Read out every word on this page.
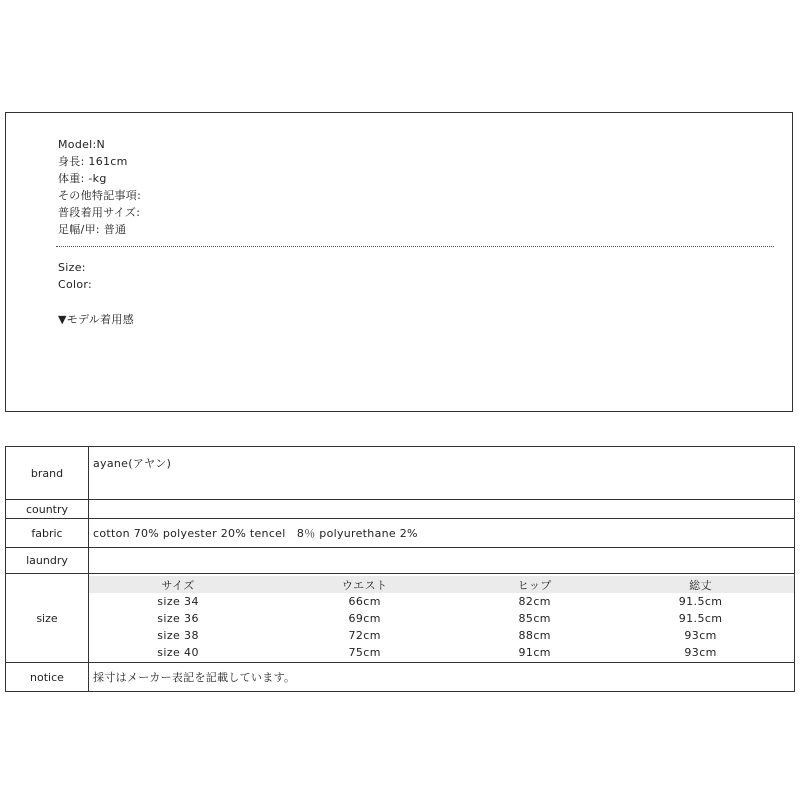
Model:N
身長: 161cm
体重: -kg
その他特記事項:
普段着用サイズ:
足幅/甲: 普通
Size:
Color:
▼モデル着用感
brand	ayane(アヤン)
country	
fabric	cotton 70% polyester 20% tencel　8％ polyurethane 2%
laundry	
size	
サイズ	ウエスト	ヒップ	総丈
size 34	66cm	82cm	91.5cm
size 36	69cm	85cm	91.5cm
size 38	72cm	88cm	93cm
size 40	75cm	91cm	93cm

notice	採寸はメーカー表記を記載しています。
